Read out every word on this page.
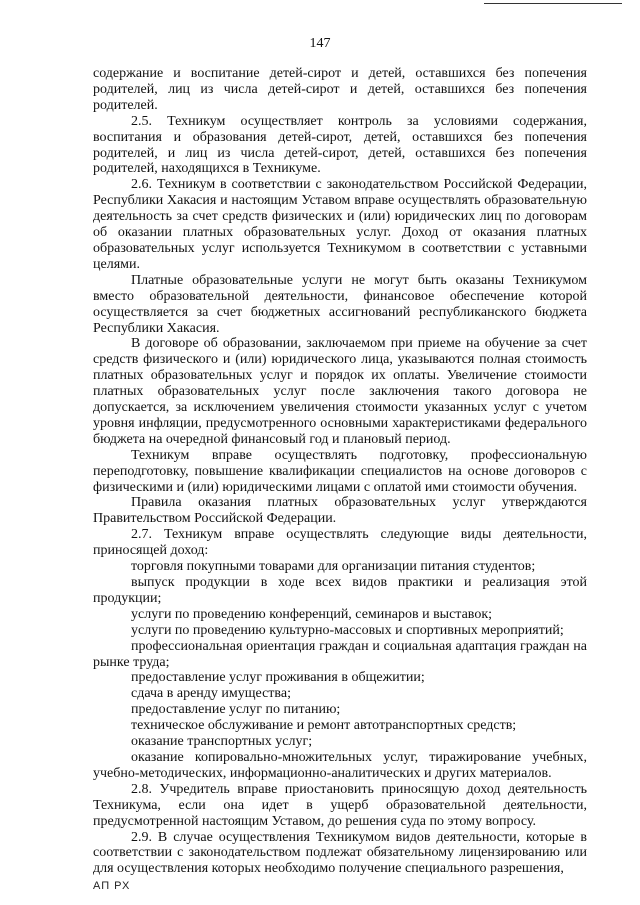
147

содержание и воспитание детей-сирот и детей, оставшихся без попечения родителей, лиц из числа детей-сирот и детей, оставшихся без попечения родителей.

2.5. Техникум осуществляет контроль за условиями содержания, воспитания и образования детей-сирот, детей, оставшихся без попечения родителей, и лиц из числа детей-сирот, детей, оставшихся без попечения родителей, находящихся в Техникуме.

2.6. Техникум в соответствии с законодательством Российской Федерации, Республики Хакасия и настоящим Уставом вправе осуществлять образовательную деятельность за счет средств физических и (или) юридических лиц по договорам об оказании платных образовательных услуг. Доход от оказания платных образовательных услуг используется Техникумом в соответствии с уставными целями.

Платные образовательные услуги не могут быть оказаны Техникумом вместо образовательной деятельности, финансовое обеспечение которой осуществляется за счет бюджетных ассигнований республиканского бюджета Республики Хакасия.

В договоре об образовании, заключаемом при приеме на обучение за счет средств физического и (или) юридического лица, указываются полная стоимость платных образовательных услуг и порядок их оплаты. Увеличение стоимости платных образовательных услуг после заключения такого договора не допускается, за исключением увеличения стоимости указанных услуг с учетом уровня инфляции, предусмотренного основными характеристиками федерального бюджета на очередной финансовый год и плановый период.

Техникум вправе осуществлять подготовку, профессиональную переподготовку, повышение квалификации специалистов на основе договоров с физическими и (или) юридическими лицами с оплатой ими стоимости обучения.

Правила оказания платных образовательных услуг утверждаются Правительством Российской Федерации.

2.7. Техникум вправе осуществлять следующие виды деятельности, приносящей доход:

торговля покупными товарами для организации питания студентов;

выпуск продукции в ходе всех видов практики и реализация этой продукции;

услуги по проведению конференций, семинаров и выставок;

услуги по проведению культурно-массовых и спортивных мероприятий;

профессиональная ориентация граждан и социальная адаптация граждан на рынке труда;

предоставление услуг проживания в общежитии;

сдача в аренду имущества;

предоставление услуг по питанию;

техническое обслуживание и ремонт автотранспортных средств;

оказание транспортных услуг;

оказание копировально-множительных услуг, тиражирование учебных, учебно-методических, информационно-аналитических и других материалов.

2.8. Учредитель вправе приостановить приносящую доход деятельность Техникума, если она идет в ущерб образовательной деятельности, предусмотренной настоящим Уставом, до решения суда по этому вопросу.

2.9. В случае осуществления Техникумом видов деятельности, которые в соответствии с законодательством подлежат обязательному лицензированию или для осуществления которых необходимо получение специального разрешения,

АП РХ
